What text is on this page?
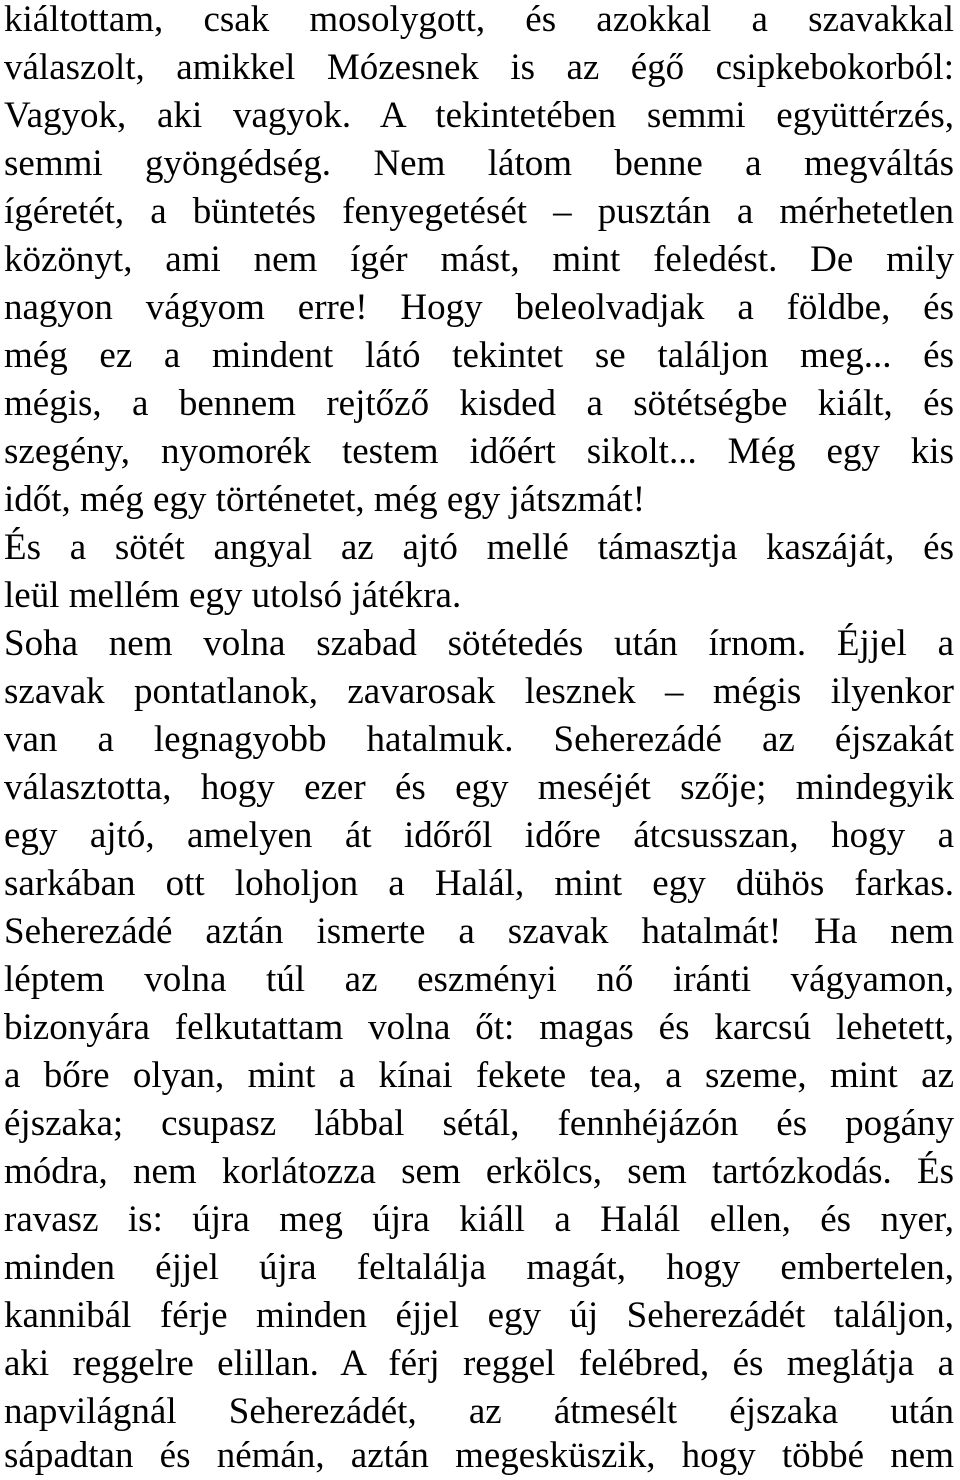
kiáltottam, csak mosolygott, és azokkal a szavakkal
válaszolt, amikkel Mózesnek is az égő csipkebokorból:
Vagyok, aki vagyok. A tekintetében semmi együttérzés,
semmi gyöngédség. Nem látom benne a megváltás
ígéretét, a büntetés fenyegetését – pusztán a mérhetetlen
közönyt, ami nem ígér mást, mint feledést. De mily
nagyon vágyom erre! Hogy beleolvadjak a földbe, és
még ez a mindent látó tekintet se találjon meg... és
mégis, a bennem rejtőző kisded a sötétségbe kiált, és
szegény, nyomorék testem időért sikolt... Még egy kis
időt, még egy történetet, még egy játszmát!
És a sötét angyal az ajtó mellé támasztja kaszáját, és
leül mellém egy utolsó játékra.
Soha nem volna szabad sötétedés után írnom. Éjjel a
szavak pontatlanok, zavarosak lesznek – mégis ilyenkor
van a legnagyobb hatalmuk. Seherezádé az éjszakát
választotta, hogy ezer és egy meséjét szője; mindegyik
egy ajtó, amelyen át időről időre átcsusszan, hogy a
sarkában ott loholjon a Halál, mint egy dühös farkas.
Seherezádé aztán ismerte a szavak hatalmát! Ha nem
léptem volna túl az eszményi nő iránti vágyamon,
bizonyára felkutattam volna őt: magas és karcsú lehetett,
a bőre olyan, mint a kínai fekete tea, a szeme, mint az
éjszaka; csupasz lábbal sétál, fennhéjázón és pogány
módra, nem korlátozza sem erkölcs, sem tartózkodás. És
ravasz is: újra meg újra kiáll a Halál ellen, és nyer,
minden éjjel újra feltalálja magát, hogy embertelen,
kannibál férje minden éjjel egy új Seherezádét találjon,
aki reggelre elillan. A férj reggel felébred, és meglátja a
napvilágnál Seherezádét, az átmesélt éjszaka után
sápadtan és némán, aztán megesküszik, hogy többé nem
